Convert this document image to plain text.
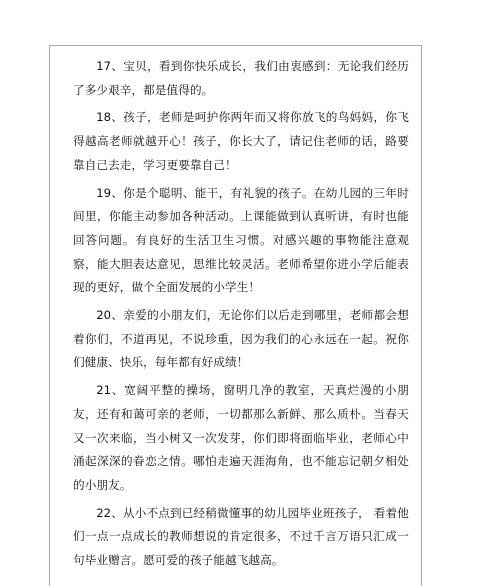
17、宝贝，看到你快乐成长，我们由衷感到：无论我们经历了多少艰辛，都是值得的。

18、孩子，老师是呵护你两年而又将你放飞的鸟妈妈，你飞得越高老师就越开心！孩子，你长大了，请记住老师的话，路要靠自己去走，学习更要靠自己！

19、你是个聪明、能干，有礼貌的孩子。在幼儿园的三年时间里，你能主动参加各种活动。上课能做到认真听讲，有时也能回答问题。有良好的生活卫生习惯。对感兴趣的事物能注意观察，能大胆表达意见，思维比较灵活。老师希望你进小学后能表现的更好，做个全面发展的小学生！

20、亲爱的小朋友们，无论你们以后走到哪里，老师都会想着你们，不道再见，不说珍重，因为我们的心永远在一起。祝你们健康、快乐，每年都有好成绩！

21、宽阔平整的操场，窗明几净的教室，天真烂漫的小朋友，还有和蔼可亲的老师，一切都那么新鲜、那么质朴。当春天又一次来临，当小树又一次发芽，你们即将面临毕业，老师心中涌起深深的眷恋之情。哪怕走遍天涯海角，也不能忘记朝夕相处的小朋友。

22、从小不点到已经稍微懂事的幼儿园毕业班孩子， 看着他们一点一点成长的教师想说的肯定很多，不过千言万语只汇成一句毕业赠言。愿可爱的孩子能越飞越高。
